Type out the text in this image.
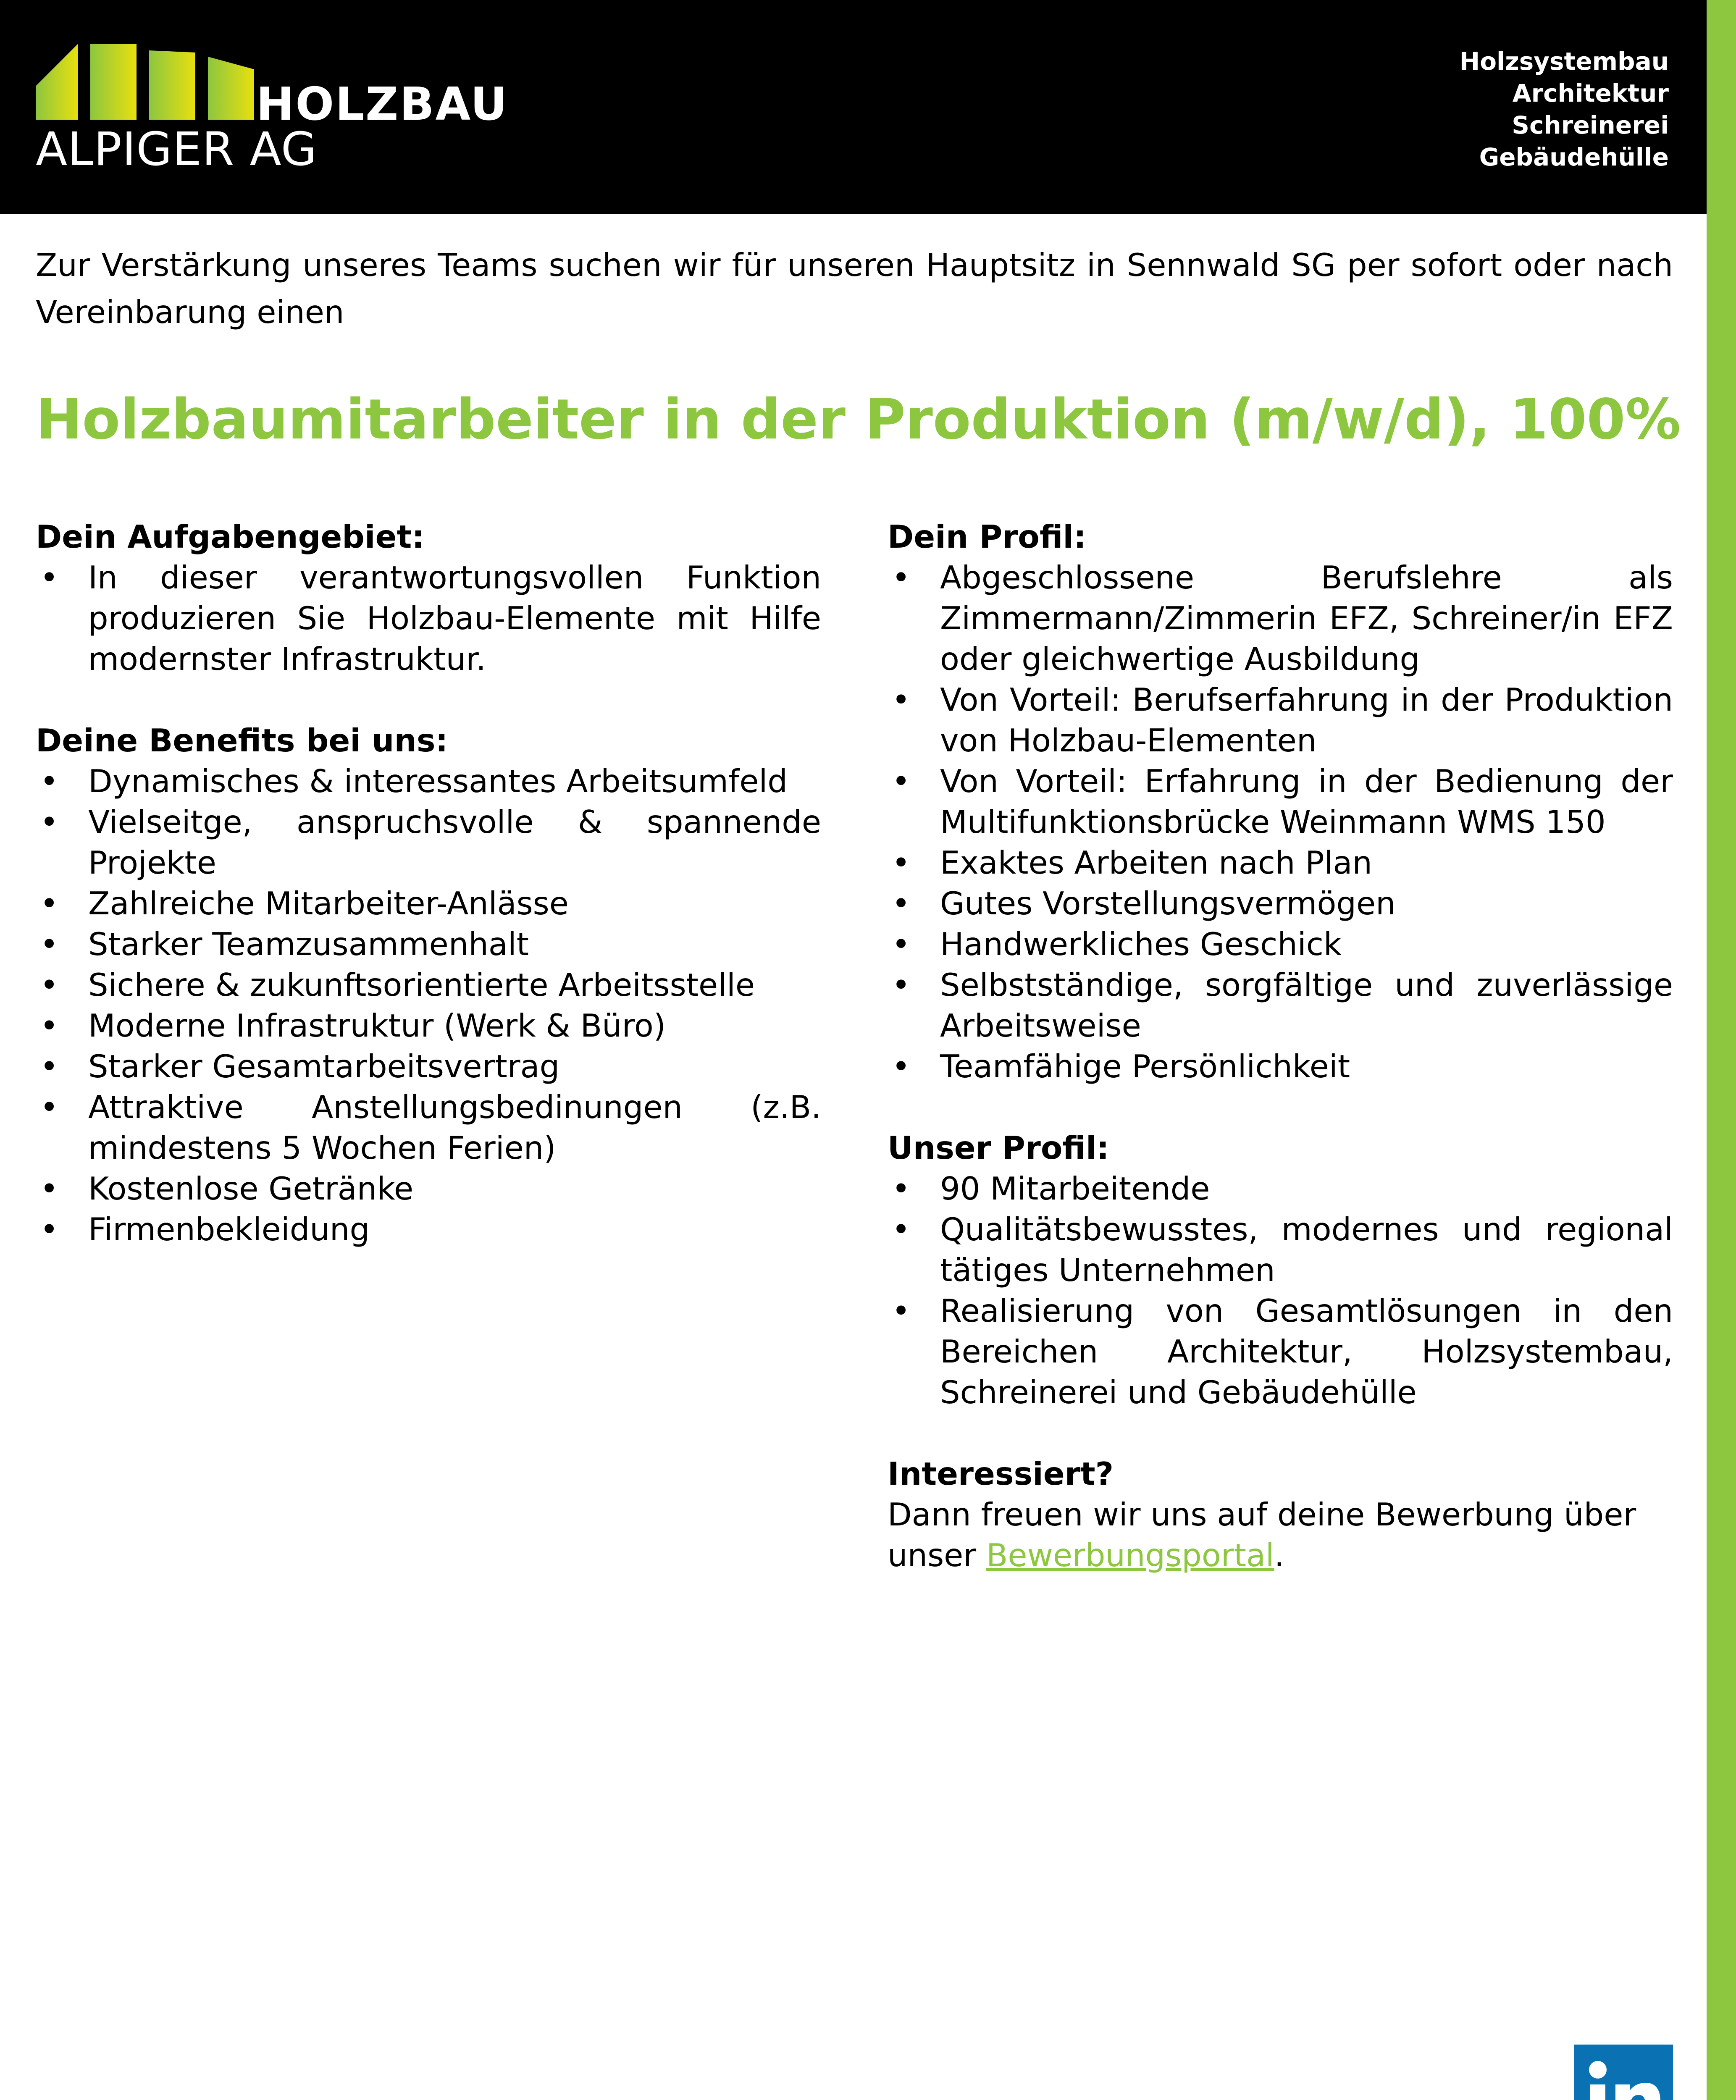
HOLZBAU
ALPIGER AG
Holzsystembau
Architektur
Schreinerei
Gebäudehülle

Zur Verstärkung unseres Teams suchen wir für unseren Hauptsitz in Sennwald SG per sofort oder nach Vereinbarung einen

Holzbaumitarbeiter in der Produktion (m/w/d), 100%
Dein Aufgabengebiet:
• In dieser verantwortungsvollen Funktion produzieren Sie Holzbau-Elemente mit Hilfe modernster Infrastruktur.
Deine Benefits bei uns:
• Dynamisches & interessantes Arbeitsumfeld
• Vielseitge, anspruchsvolle & spannende Projekte
• Zahlreiche Mitarbeiter-Anlässe
• Starker Teamzusammenhalt
• Sichere & zukunftsorientierte Arbeitsstelle
• Moderne Infrastruktur (Werk & Büro)
• Starker Gesamtarbeitsvertrag
• Attraktive Anstellungsbedinungen (z.B. mindestens 5 Wochen Ferien)
• Kostenlose Getränke
• Firmenbekleidung
Dein Profil:
• Abgeschlossene Berufslehre als Zimmermann/Zimmerin EFZ, Schreiner/in EFZ oder gleichwertige Ausbildung
• Von Vorteil: Berufserfahrung in der Produktion von Holzbau-Elementen
• Von Vorteil: Erfahrung in der Bedienung der Multifunktionsbrücke Weinmann WMS 150
• Exaktes Arbeiten nach Plan
• Gutes Vorstellungsvermögen
• Handwerkliches Geschick
• Selbstständige, sorgfältige und zuverlässige Arbeitsweise
• Teamfähige Persönlichkeit
Unser Profil:
• 90 Mitarbeitende
• Qualitätsbewusstes, modernes und regional tätiges Unternehmen
• Realisierung von Gesamtlösungen in den Bereichen Architektur, Holzsystembau, Schreinerei und Gebäudehülle
Interessiert?
Dann freuen wir uns auf deine Bewerbung über unser Bewerbungsportal.
